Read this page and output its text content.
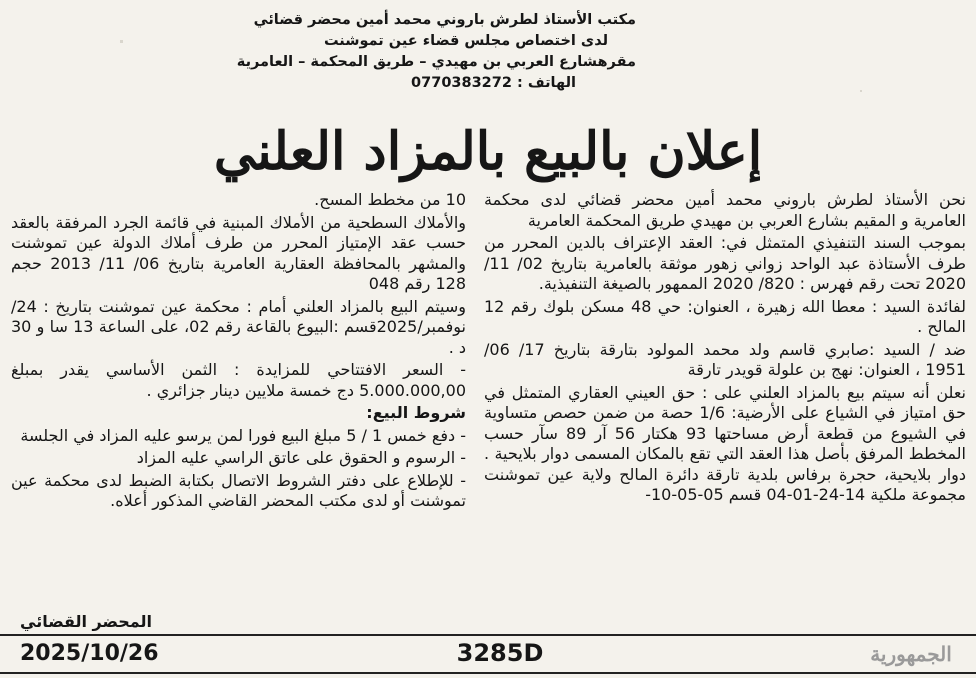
مكتب الأستاذ لطرش باروني محمد أمين محضر قضائي
لدى اختصاص مجلس قضاء عين تموشنت
مقرهشارع العربي بن مهيدي – طريق المحكمة – العامرية
الهاتف : 0770383272
إعلان بالبيع بالمزاد العلني

نحن الأستاذ لطرش باروني محمد أمين محضر قضائي لدى محكمة العامرية و المقيم بشارع العربي بن مهيدي طريق المحكمة العامرية

بموجب السند التنفيذي المتمثل في: العقد الإعتراف بالدين المحرر من طرف الأستاذة عبد الواحد زواني زهور موثقة بالعامرية بتاريخ 02/ 11/ 2020 تحت رقم فهرس : 820/ 2020 الممهور بالصيغة التنفيذية.

لفائدة السيد : معطا الله زهيرة ، العنوان: حي 48 مسكن بلوك رقم 12 المالح .

ضد / السيد :صابري قاسم ولد محمد المولود بتارقة بتاريخ 17/ 06/ 1951 ، العنوان: نهج بن علولة قويدر تارقة

نعلن أنه سيتم بيع بالمزاد العلني على : حق العيني العقاري المتمثل في حق امتياز في الشياع على الأرضية: 1/6 حصة من ضمن حصص متساوية في الشيوع من قطعة أرض مساحتها 93 هكتار 56 آر 89 سآر حسب المخطط المرفق بأصل هذا العقد التي تقع بالمكان المسمى دوار بلايحية . دوار بلايحية، حجرة برفاس بلدية تارقة دائرة المالح ولاية عين تموشنت مجموعة ملكية 14-24-01-04 قسم 05-05-10-

10 من مخطط المسح.

والأملاك السطحية من الأملاك المبنية في قائمة الجرد المرفقة بالعقد حسب عقد الإمتياز المحرر من طرف أملاك الدولة عين تموشنت والمشهر بالمحافظة العقارية العامرية بتاريخ 06/ 11/ 2013 حجم 128 رقم 048

وسيتم البيع بالمزاد العلني أمام : محكمة عين تموشنت بتاريخ : 24/نوفمبر/2025قسم :البيوع بالقاعة رقم 02، على الساعة 13 سا و 30 د .

- السعر الافتتاحي للمزايدة : الثمن الأساسي يقدر بمبلغ 5.000.000,00 دج خمسة ملايين دينار جزائري .

شروط البيع:

- دفع خمس 1 / 5 مبلغ البيع فورا لمن يرسو عليه المزاد في الجلسة

- الرسوم و الحقوق على عاتق الراسي عليه المزاد

- للإطلاع على دفتر الشروط الاتصال بكتابة الضبط لدى محكمة عين تموشنت أو لدى مكتب المحضر القاضي المذكور أعلاه.

المحضر القضائي
الجمهورية
3285D
2025/10/26
